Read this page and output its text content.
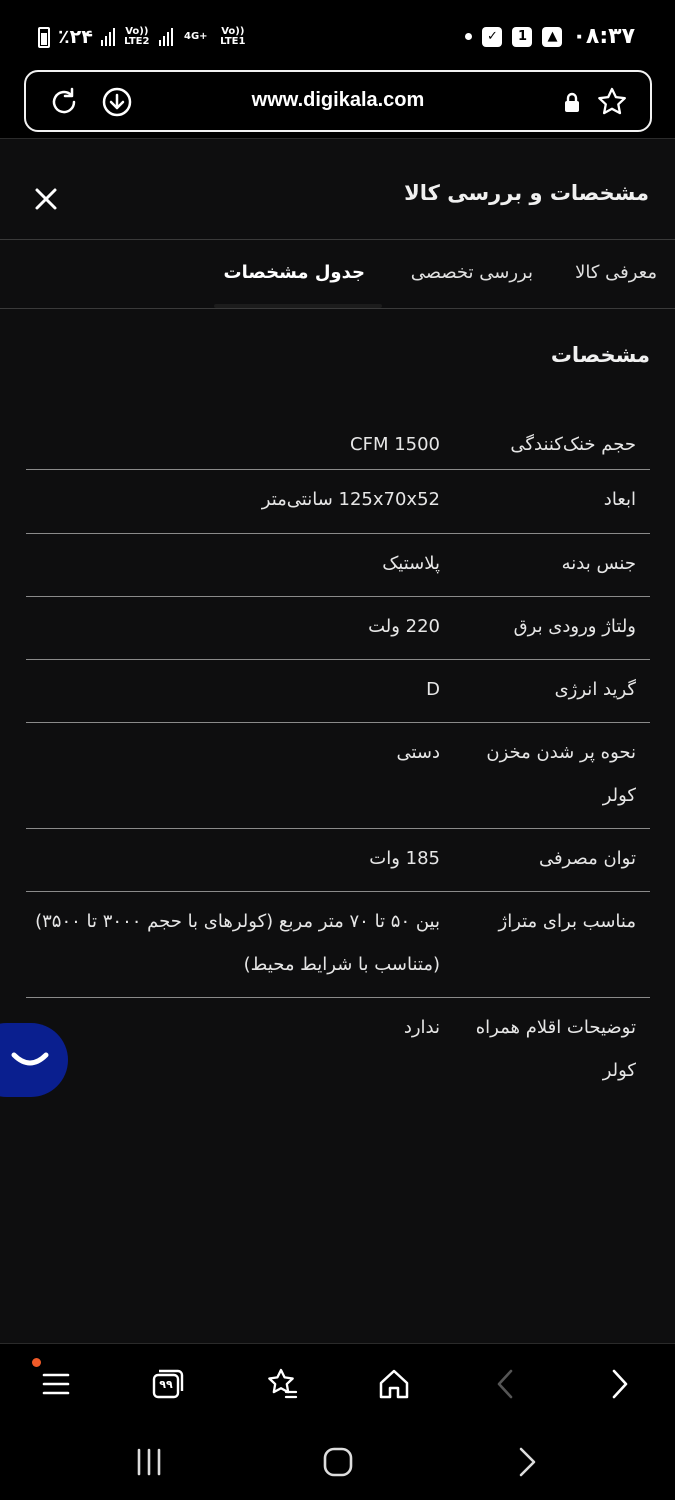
٪۲۴	Vo)) LTE2	4G+	Vo)) LTE1	✓	1	▲ ۰۸:۳۷
www.digikala.com
مشخصات و بررسی کالا
معرفی کالا
بررسی تخصصی
جدول مشخصات
مشخصات
حجم خنک‌کنندگی
CFM 1500
ابعاد
125x70x52 سانتی‌متر
جنس بدنه
پلاستیک
ولتاژ ورودی برق
220 ولت
گرید انرژی
D
نحوه پر شدن مخزن کولر
دستی
توان مصرفی
185 وات
مناسب برای متراژ
بین ۵۰ تا ۷۰ متر مربع (کولرهای با حجم ۳۰۰۰ تا ۳۵۰۰) (متناسب با شرایط محیط)
توضیحات اقلام همراه کولر
ندارد
۹۹
